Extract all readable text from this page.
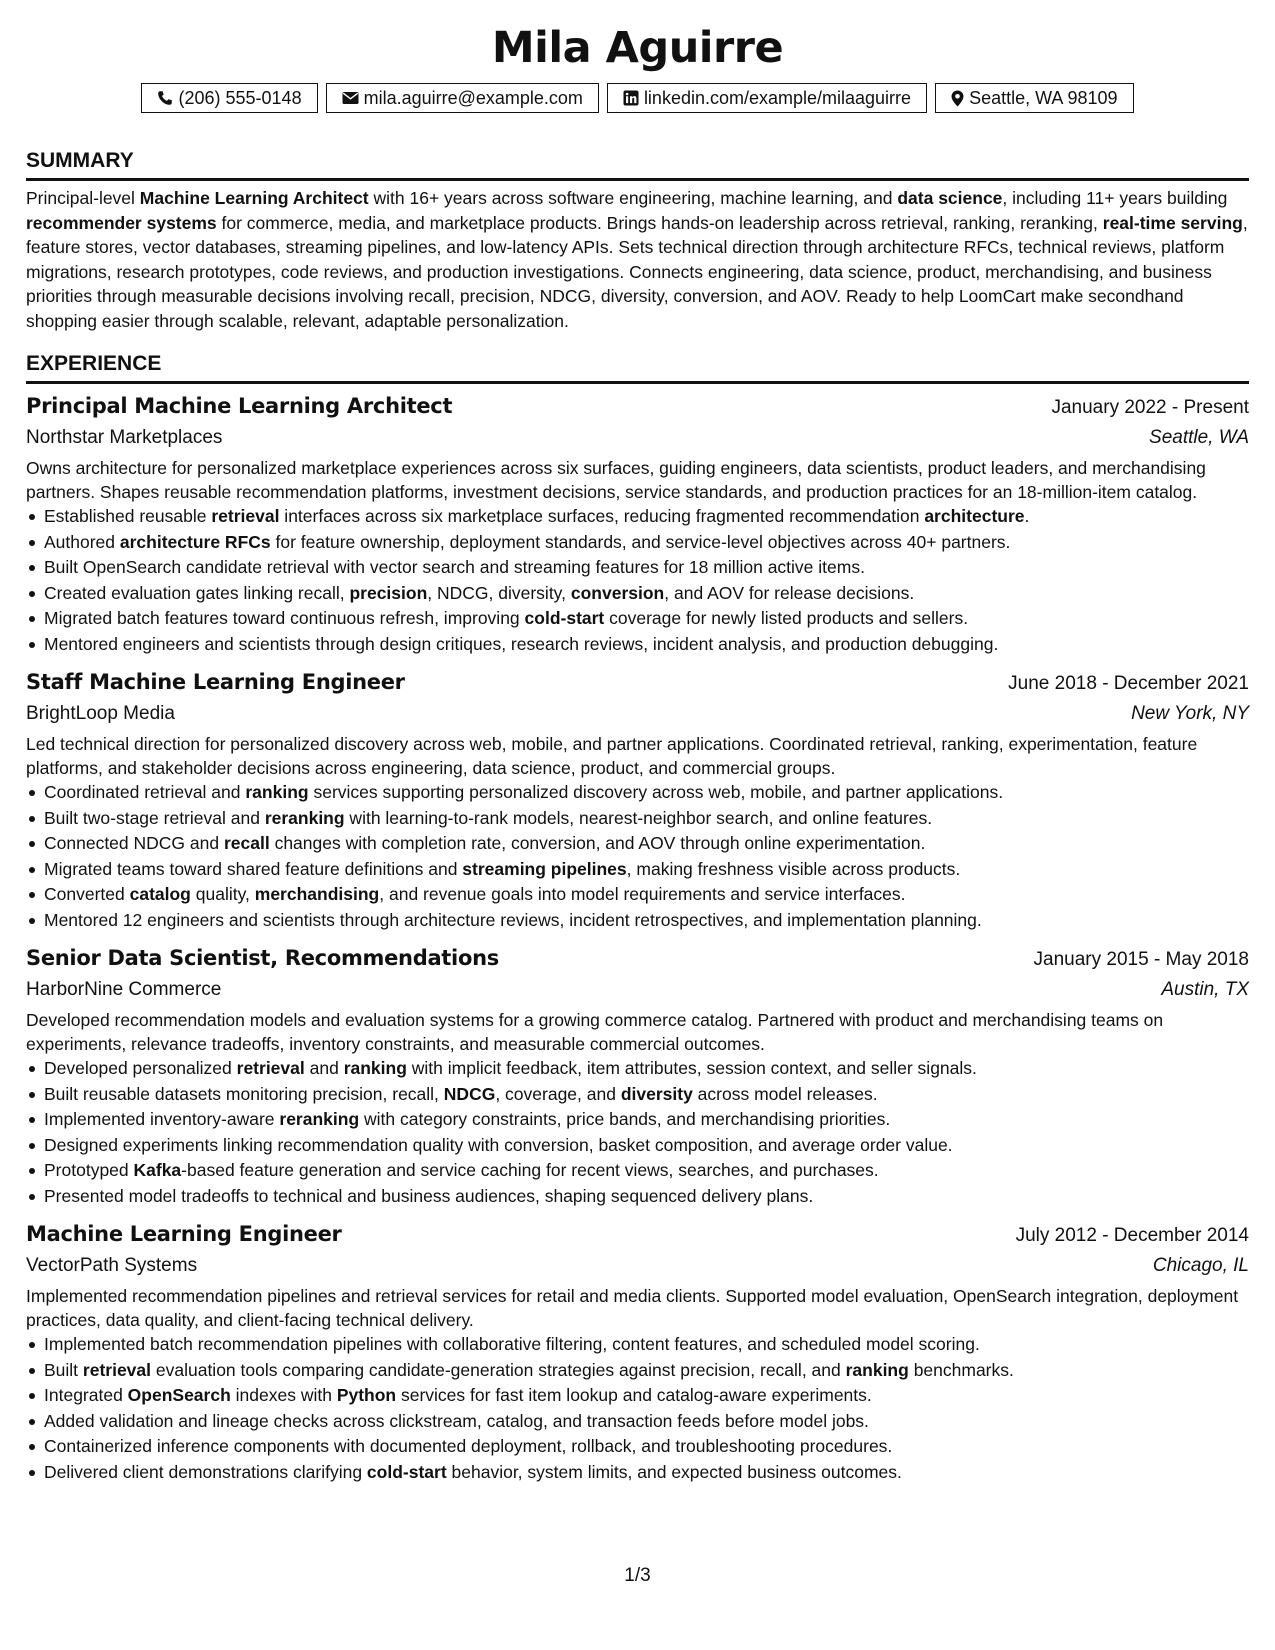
Mila Aguirre
(206) 555-0148	mila.aguirre@example.com	linkedin.com/example/milaaguirre	Seattle, WA 98109
SUMMARY

Principal-level Machine Learning Architect with 16+ years across software engineering, machine learning, and data science, including 11+ years building recommender systems for commerce, media, and marketplace products. Brings hands-on leadership across retrieval, ranking, reranking, real-time serving, feature stores, vector databases, streaming pipelines, and low-latency APIs. Sets technical direction through architecture RFCs, technical reviews, platform migrations, research prototypes, code reviews, and production investigations. Connects engineering, data science, product, merchandising, and business priorities through measurable decisions involving recall, precision, NDCG, diversity, conversion, and AOV. Ready to help LoomCart make secondhand shopping easier through scalable, relevant, adaptable personalization.

EXPERIENCE
Principal Machine Learning Architect	January 2022 - Present
Northstar Marketplaces	Seattle, WA

Owns architecture for personalized marketplace experiences across six surfaces, guiding engineers, data scientists, product leaders, and merchandising partners. Shapes reusable recommendation platforms, investment decisions, service standards, and production practices for an 18-million-item catalog.

Established reusable retrieval interfaces across six marketplace surfaces, reducing fragmented recommendation architecture.
Authored architecture RFCs for feature ownership, deployment standards, and service-level objectives across 40+ partners.
Built OpenSearch candidate retrieval with vector search and streaming features for 18 million active items.
Created evaluation gates linking recall, precision, NDCG, diversity, conversion, and AOV for release decisions.
Migrated batch features toward continuous refresh, improving cold-start coverage for newly listed products and sellers.
Mentored engineers and scientists through design critiques, research reviews, incident analysis, and production debugging.
Staff Machine Learning Engineer	June 2018 - December 2021
BrightLoop Media	New York, NY

Led technical direction for personalized discovery across web, mobile, and partner applications. Coordinated retrieval, ranking, experimentation, feature platforms, and stakeholder decisions across engineering, data science, product, and commercial groups.

Coordinated retrieval and ranking services supporting personalized discovery across web, mobile, and partner applications.
Built two-stage retrieval and reranking with learning-to-rank models, nearest-neighbor search, and online features.
Connected NDCG and recall changes with completion rate, conversion, and AOV through online experimentation.
Migrated teams toward shared feature definitions and streaming pipelines, making freshness visible across products.
Converted catalog quality, merchandising, and revenue goals into model requirements and service interfaces.
Mentored 12 engineers and scientists through architecture reviews, incident retrospectives, and implementation planning.
Senior Data Scientist, Recommendations	January 2015 - May 2018
HarborNine Commerce	Austin, TX

Developed recommendation models and evaluation systems for a growing commerce catalog. Partnered with product and merchandising teams on experiments, relevance tradeoffs, inventory constraints, and measurable commercial outcomes.

Developed personalized retrieval and ranking with implicit feedback, item attributes, session context, and seller signals.
Built reusable datasets monitoring precision, recall, NDCG, coverage, and diversity across model releases.
Implemented inventory-aware reranking with category constraints, price bands, and merchandising priorities.
Designed experiments linking recommendation quality with conversion, basket composition, and average order value.
Prototyped Kafka-based feature generation and service caching for recent views, searches, and purchases.
Presented model tradeoffs to technical and business audiences, shaping sequenced delivery plans.
Machine Learning Engineer	July 2012 - December 2014
VectorPath Systems	Chicago, IL

Implemented recommendation pipelines and retrieval services for retail and media clients. Supported model evaluation, OpenSearch integration, deployment practices, data quality, and client-facing technical delivery.

Implemented batch recommendation pipelines with collaborative filtering, content features, and scheduled model scoring.
Built retrieval evaluation tools comparing candidate-generation strategies against precision, recall, and ranking benchmarks.
Integrated OpenSearch indexes with Python services for fast item lookup and catalog-aware experiments.
Added validation and lineage checks across clickstream, catalog, and transaction feeds before model jobs.
Containerized inference components with documented deployment, rollback, and troubleshooting procedures.
Delivered client demonstrations clarifying cold-start behavior, system limits, and expected business outcomes.
1/3
